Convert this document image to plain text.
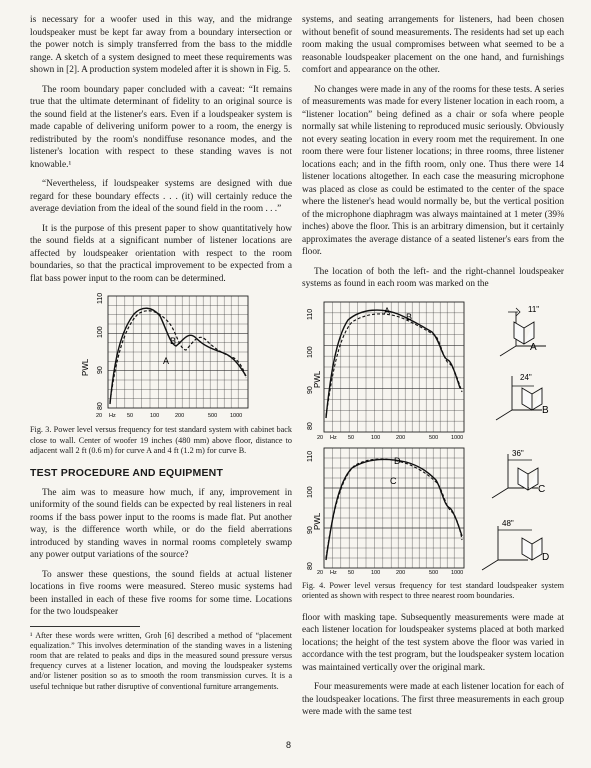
is necessary for a woofer used in this way, and the midrange loudspeaker must be kept far away from a boundary intersection or the power notch is simply transferred from the bass to the middle range. A sketch of a system designed to meet these requirements was shown in [2]. A production system modeled after it is shown in Fig. 5.

The room boundary paper concluded with a caveat: “It remains true that the ultimate determinant of fidelity to an original source is the sound field at the listener's ears. Even if a loudspeaker system is made capable of delivering uniform power to a room, the energy is redistributed by the room's nondiffuse resonance modes, and the listener's location with respect to these standing waves is not knowable.¹

“Nevertheless, if loudspeaker systems are designed with due regard for these boundary effects . . . (it) will certainly reduce the average deviation from the ideal of the sound field in the room . . .”

It is the purpose of this present paper to show quantitatively how the sound fields at a significant number of listener locations are affected by loudspeaker orientation with respect to the room boundaries, so that the practical improvement to be expected from a flat bass power input to the room can be determined.

PWL
80
90
100
110
20 Hz 50	100	200	500 1000
A
B

Fig. 3. Power level versus frequency for test standard system with cabinet back close to wall. Center of woofer 19 inches (480 mm) above floor, distance to adjacent wall 2 ft (0.6 m) for curve A and 4 ft (1.2 m) for curve B.

TEST PROCEDURE AND EQUIPMENT

The aim was to measure how much, if any, improvement in uniformity of the sound fields can be expected by real listeners in real rooms if the bass power input to the rooms is made flat. Put another way, is the difference worth while, or do the field aberrations introduced by standing waves in normal rooms completely swamp any power output variations of the source?

To answer these questions, the sound fields at actual listener locations in five rooms were measured. Stereo music systems had been installed in each of these five rooms for some time. Locations for the two loudspeaker

¹ After these words were written, Groh [6] described a method of “placement equalization.” This involves determination of the standing waves in a listening room that are related to peaks and dips in the measured sound pressure versus frequency curves at a listener location, and moving the loudspeaker systems and/or listener position so as to smooth the room transmission curves. It is a useful technique but rather disruptive of conventional furniture arrangements.

systems, and seating arrangements for listeners, had been chosen without benefit of sound measurements. The residents had set up each room making the usual compromises between what seemed to be a reasonable loudspeaker placement on the one hand, and furnishings comfort and appearance on the other.

No changes were made in any of the rooms for these tests. A series of measurements was made for every listener location in each room, a “listener location” being defined as a chair or sofa where people normally sat while listening to reproduced music seriously. Obviously not every seating location in every room met the requirement. In one room there were four listener locations; in three rooms, three listener locations each; and in the fifth room, only one. Thus there were 14 listener locations altogether. In each case the measuring microphone was placed as close as could be estimated to the center of the space where the listener's head would normally be, but the vertical position of the microphone diaphragm was always maintained at 1 meter (39⅜ inches) above the floor. This is an arbitrary dimension, but it certainly approximates the average distance of a seated listener's ears from the floor.

The location of both the left- and the right-channel loudspeaker systems as found in each room was marked on the

PWL
80
90
100
110
20 Hz 50	100	200	500 1000
A
B
PWL
80
90
100
110
20 Hz 50	100	200	500 1000
D
C
11"
A
24"
B
36"
C
48"
D

Fig. 4. Power level versus frequency for test standard loudspeaker system oriented as shown with respect to three nearest room boundaries.

floor with masking tape. Subsequently measurements were made at each listener location for loudspeaker systems placed at both marked locations; the height of the test system above the floor was varied in accordance with the test program, but the loudspeaker system location was maintained vertically over the original mark.

Four measurements were made at each listener location for each of the loudspeaker locations. The first three measurements in each group were made with the same test

8
